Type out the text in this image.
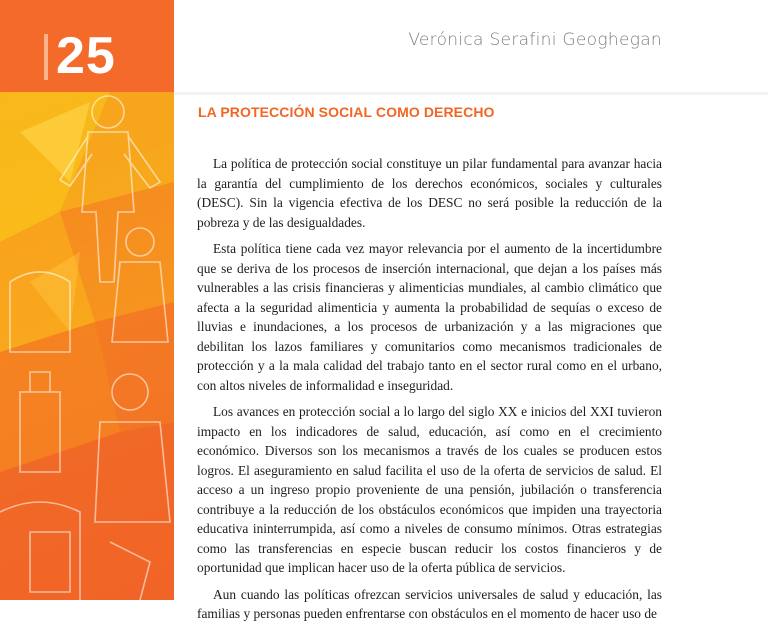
25	Verónica Serafini Geoghegan
LA PROTECCIÓN SOCIAL COMO DERECHO

La política de protección social constituye un pilar fundamental para avanzar hacia la garantía del cumplimiento de los derechos económicos, sociales y culturales (DESC). Sin la vigencia efectiva de los DESC no será posible la reducción de la pobreza y de las desigualdades.

Esta política tiene cada vez mayor relevancia por el aumento de la incertidumbre que se deriva de los procesos de inserción internacional, que dejan a los países más vulnerables a las crisis financieras y alimenticias mundiales, al cambio climático que afecta a la seguridad alimenticia y aumenta la probabilidad de sequías o exceso de lluvias e inundaciones, a los procesos de urbanización y a las migraciones que debilitan los lazos familiares y comunitarios como mecanismos tradicionales de protección y a la mala calidad del trabajo tanto en el sector rural como en el urbano, con altos niveles de informalidad e inseguridad.

Los avances en protección social a lo largo del siglo XX e inicios del XXI tuvieron impacto en los indicadores de salud, educación, así como en el crecimiento económico. Diversos son los mecanismos a través de los cuales se producen estos logros. El aseguramiento en salud facilita el uso de la oferta de servicios de salud. El acceso a un ingreso propio proveniente de una pensión, jubilación o transferencia contribuye a la reducción de los obstáculos económicos que impiden una trayectoria educativa ininterrumpida, así como a niveles de consumo mínimos. Otras estrategias como las transferencias en especie buscan reducir los costos financieros y de oportunidad que implican hacer uso de la oferta pública de servicios.

Aun cuando las políticas ofrezcan servicios universales de salud y educación, las familias y personas pueden enfrentarse con obstáculos en el momento de hacer uso de
